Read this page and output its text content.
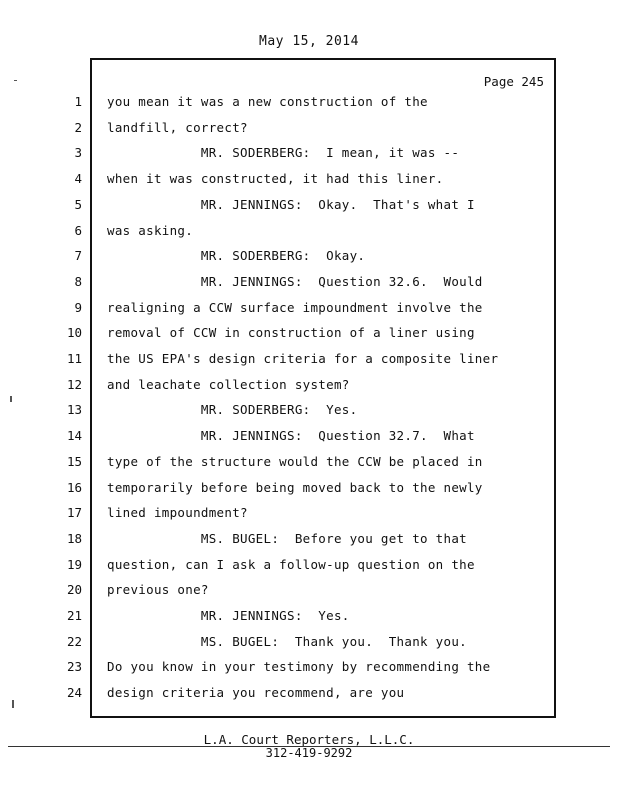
May 15, 2014
Page 245
1 you mean it was a new construction of the
2 landfill, correct?
3 MR. SODERBERG:  I mean, it was --
4 when it was constructed, it had this liner.
5 MR. JENNINGS:  Okay.  That's what I
6 was asking.
7 MR. SODERBERG:  Okay.
8 MR. JENNINGS:  Question 32.6.  Would
9 realigning a CCW surface impoundment involve the
10 removal of CCW in construction of a liner using
11 the US EPA's design criteria for a composite liner
12 and leachate collection system?
13 MR. SODERBERG:  Yes.
14 MR. JENNINGS:  Question 32.7.  What
15 type of the structure would the CCW be placed in
16 temporarily before being moved back to the newly
17 lined impoundment?
18 MS. BUGEL:  Before you get to that
19 question, can I ask a follow-up question on the
20 previous one?
21 MR. JENNINGS:  Yes.
22 MS. BUGEL:  Thank you.  Thank you.
23 Do you know in your testimony by recommending the
24 design criteria you recommend, are you
L.A. Court Reporters, L.L.C.
312-419-9292
